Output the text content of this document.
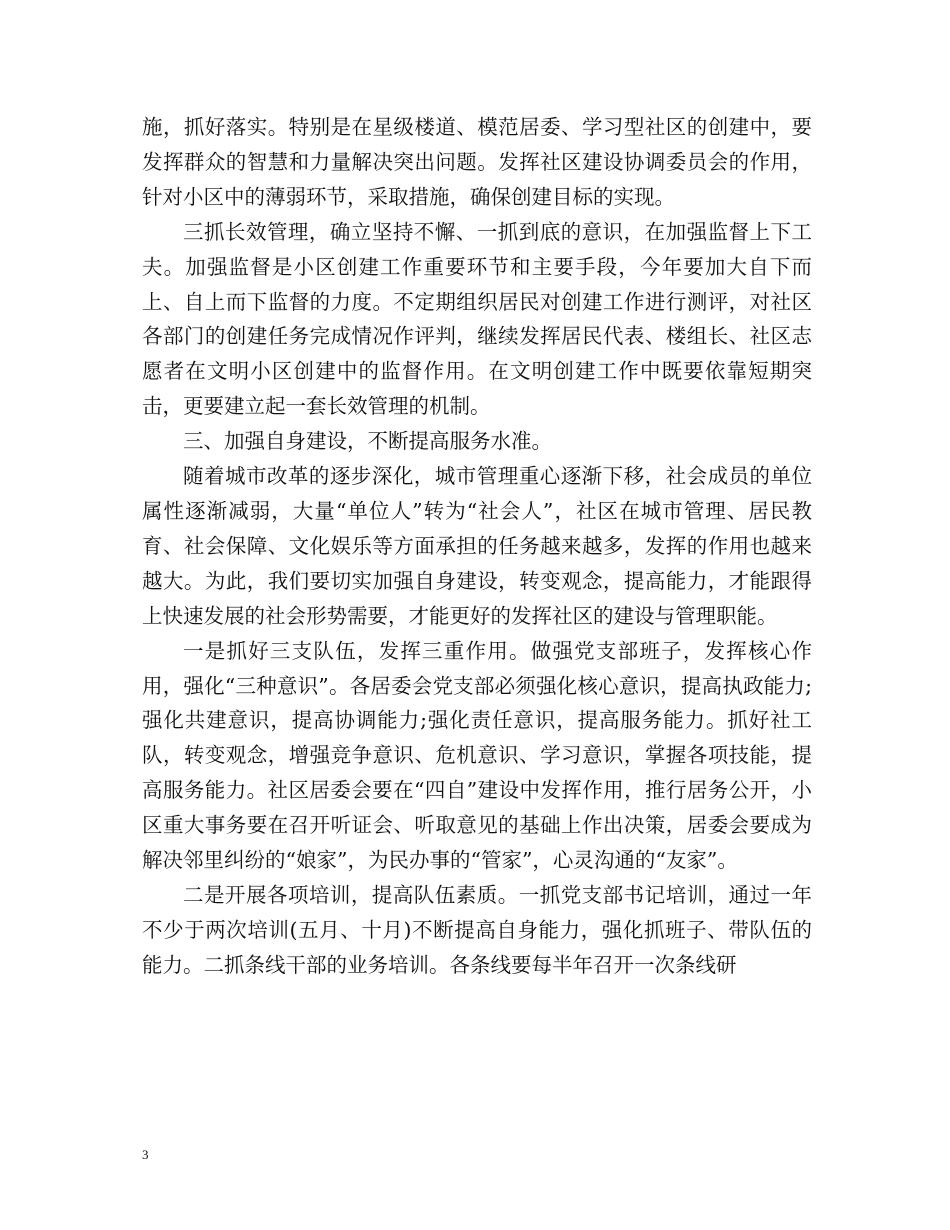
施，抓好落实。特别是在星级楼道、模范居委、学习型社区的创建中，要发挥群众的智慧和力量解决突出问题。发挥社区建设协调委员会的作用，针对小区中的薄弱环节，采取措施，确保创建目标的实现。

三抓长效管理，确立坚持不懈、一抓到底的意识，在加强监督上下工夫。加强监督是小区创建工作重要环节和主要手段，今年要加大自下而上、自上而下监督的力度。不定期组织居民对创建工作进行测评，对社区各部门的创建任务完成情况作评判，继续发挥居民代表、楼组长、社区志愿者在文明小区创建中的监督作用。在文明创建工作中既要依靠短期突击，更要建立起一套长效管理的机制。

三、加强自身建设，不断提高服务水准。

随着城市改革的逐步深化，城市管理重心逐渐下移，社会成员的单位属性逐渐减弱，大量“单位人”转为“社会人”，社区在城市管理、居民教育、社会保障、文化娱乐等方面承担的任务越来越多，发挥的作用也越来越大。为此，我们要切实加强自身建设，转变观念，提高能力，才能跟得上快速发展的社会形势需要，才能更好的发挥社区的建设与管理职能。

一是抓好三支队伍，发挥三重作用。做强党支部班子，发挥核心作用，强化“三种意识”。各居委会党支部必须强化核心意识，提高执政能力;强化共建意识，提高协调能力;强化责任意识，提高服务能力。抓好社工队，转变观念，增强竞争意识、危机意识、学习意识，掌握各项技能，提高服务能力。社区居委会要在“四自”建设中发挥作用，推行居务公开，小区重大事务要在召开听证会、听取意见的基础上作出决策，居委会要成为解决邻里纠纷的“娘家”，为民办事的“管家”，心灵沟通的“友家”。

二是开展各项培训，提高队伍素质。一抓党支部书记培训，通过一年不少于两次培训(五月、十月)不断提高自身能力，强化抓班子、带队伍的能力。二抓条线干部的业务培训。各条线要每半年召开一次条线研

3
